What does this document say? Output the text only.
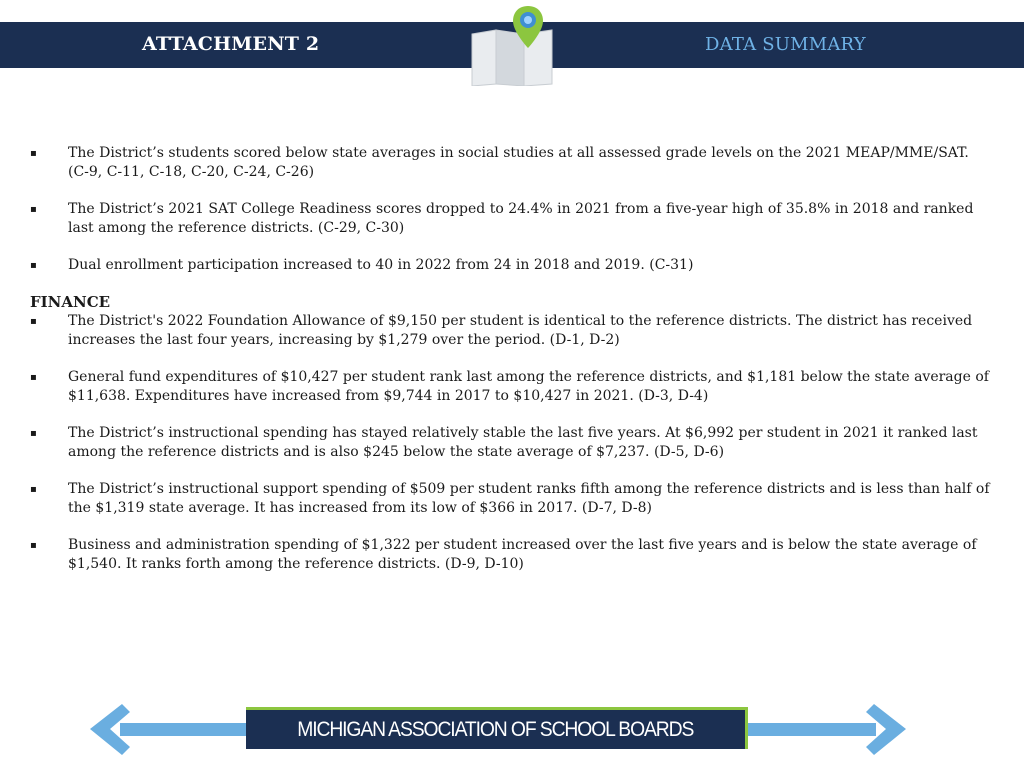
ATTACHMENT 2	DATA SUMMARY

▪ The District’s students scored below state averages in social studies at all assessed grade levels on the 2021 MEAP/MME/SAT. (C-9, C-11, C-18, C-20, C-24, C-26)

▪ The District’s 2021 SAT College Readiness scores dropped to 24.4% in 2021 from a five-year high of 35.8% in 2018 and ranked last among the reference districts. (C-29, C-30)

▪ Dual enrollment participation increased to 40 in 2022 from 24 in 2018 and 2019. (C-31)

FINANCE

▪ The District's 2022 Foundation Allowance of $9,150 per student is identical to the reference districts. The district has received increases the last four years, increasing by $1,279 over the period. (D-1, D-2)

▪ General fund expenditures of $10,427 per student rank last among the reference districts, and $1,181 below the state average of $11,638. Expenditures have increased from $9,744 in 2017 to $10,427 in 2021. (D-3, D-4)

▪ The District’s instructional spending has stayed relatively stable the last five years. At $6,992 per student in 2021 it ranked last among the reference districts and is also $245 below the state average of $7,237. (D-5, D-6)

▪ The District’s instructional support spending of $509 per student ranks fifth among the reference districts and is less than half of the $1,319 state average. It has increased from its low of $366 in 2017. (D-7, D-8)

▪ Business and administration spending of $1,322 per student increased over the last five years and is below the state average of $1,540. It ranks forth among the reference districts. (D-9, D-10)

MICHIGAN ASSOCIATION OF SCHOOL BOARDS
